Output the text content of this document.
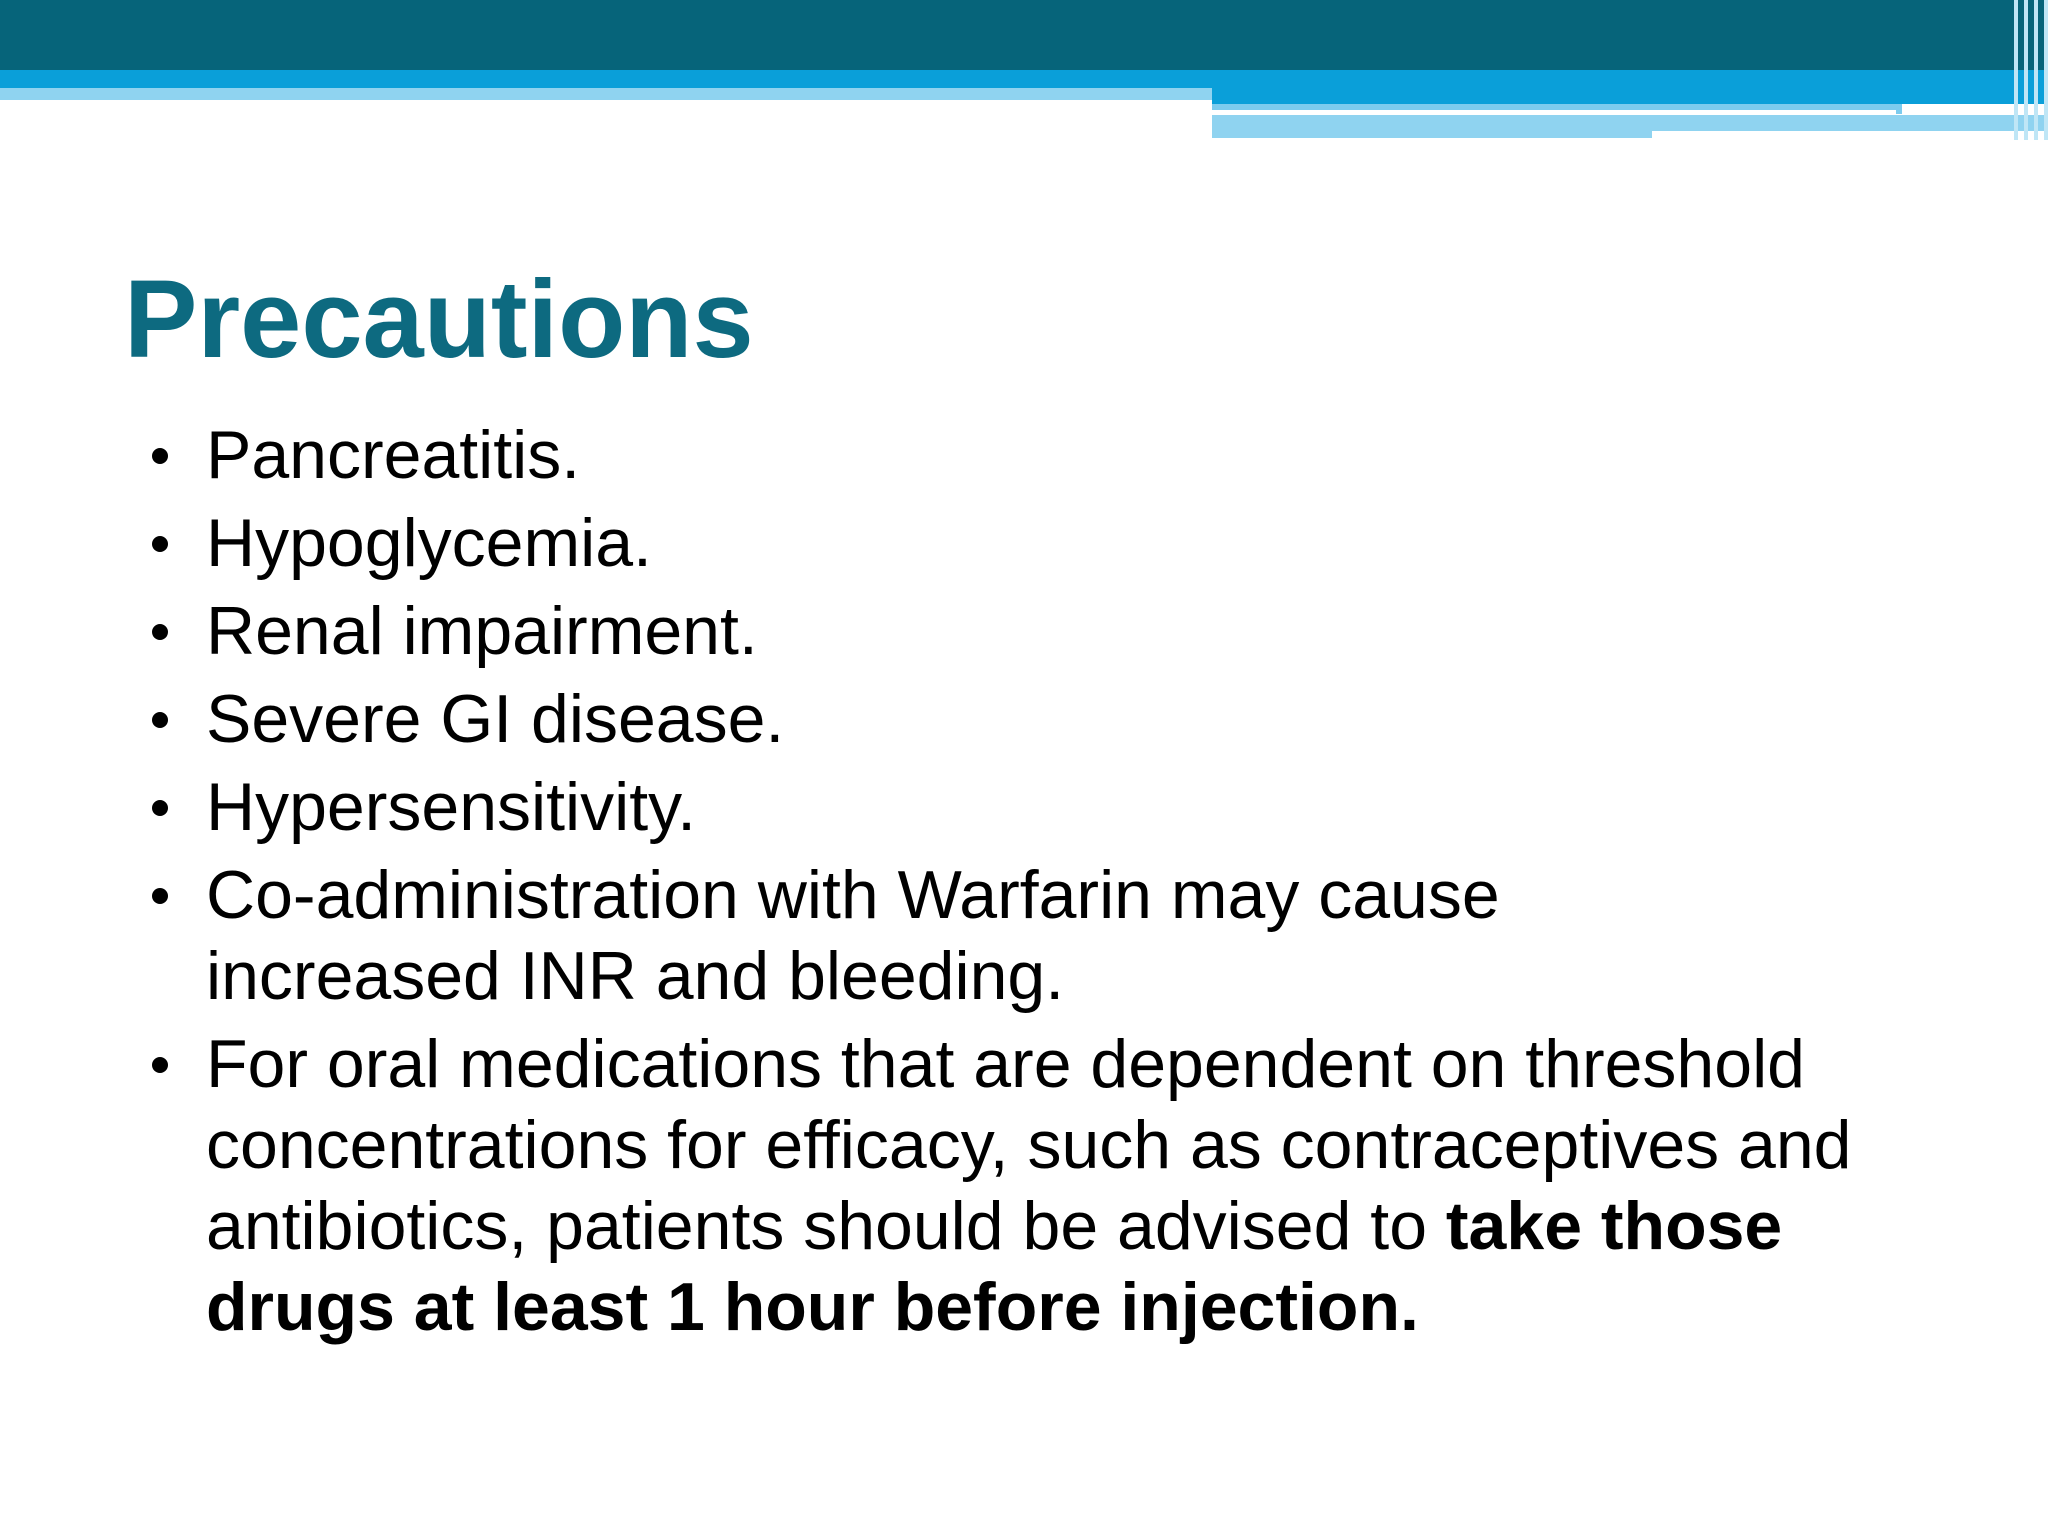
Precautions
Pancreatitis.
Hypoglycemia.
Renal impairment.
Severe GI disease.
Hypersensitivity.
Co-administration with Warfarin may cause increased INR and bleeding.
For oral medications that are dependent on threshold concentrations for efficacy, such as contraceptives and antibiotics, patients should be advised to take those drugs at least 1 hour before injection.
